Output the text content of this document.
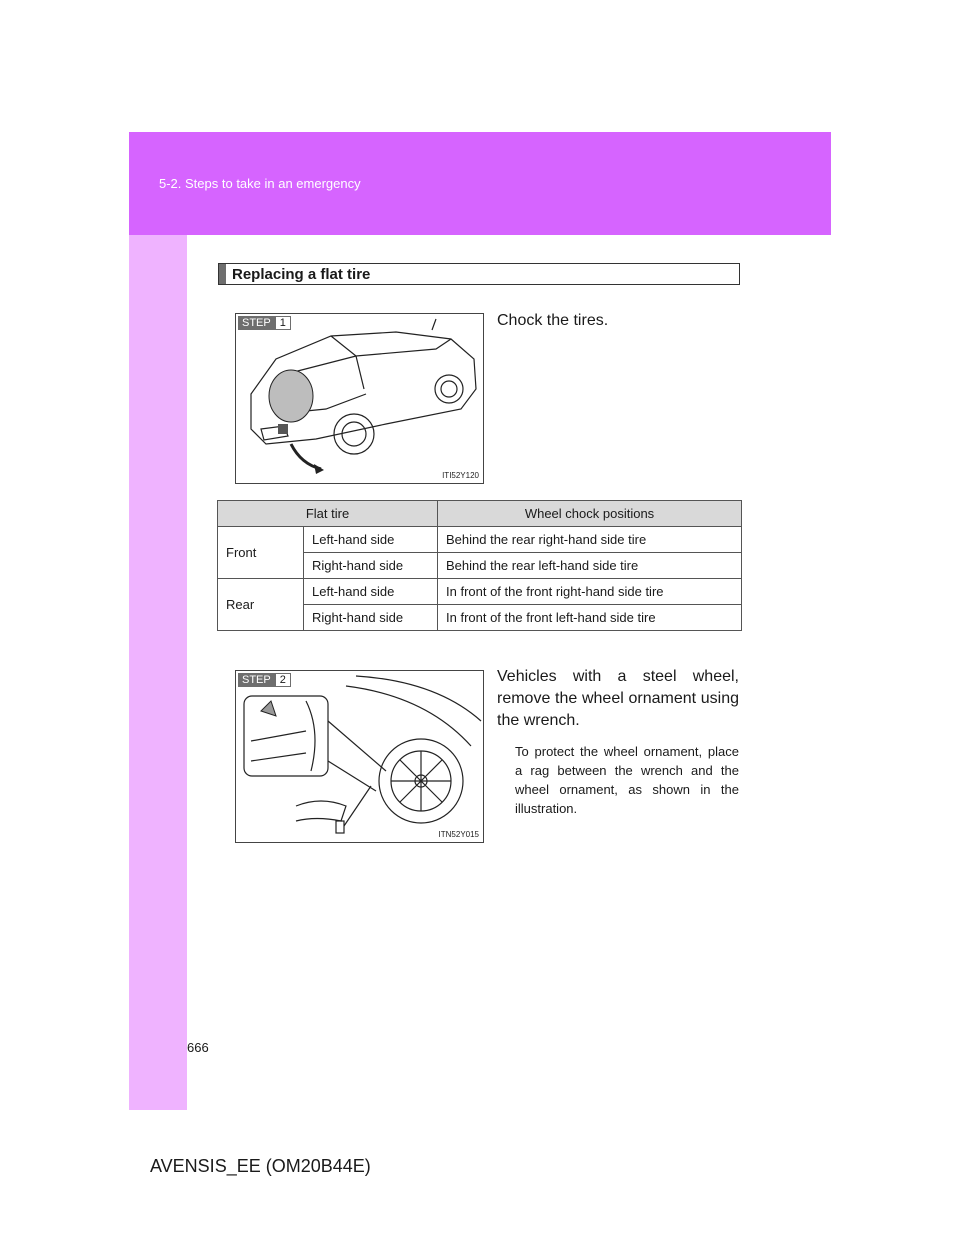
5-2. Steps to take in an emergency
Replacing a flat tire
STEP 1
ITI52Y120
Chock the tires.
Flat tire		Wheel chock positions
Front	Left-hand side	Behind the rear right-hand side tire
	Right-hand side	Behind the rear left-hand side tire
Rear	Left-hand side	In front of the front right-hand side tire
	Right-hand side	In front of the front left-hand side tire
STEP 2
ITN52Y015
Vehicles with a steel wheel, remove the wheel ornament using the wrench.
To protect the wheel ornament, place a rag between the wrench and the wheel ornament, as shown in the illustration.
666
AVENSIS_EE (OM20B44E)
